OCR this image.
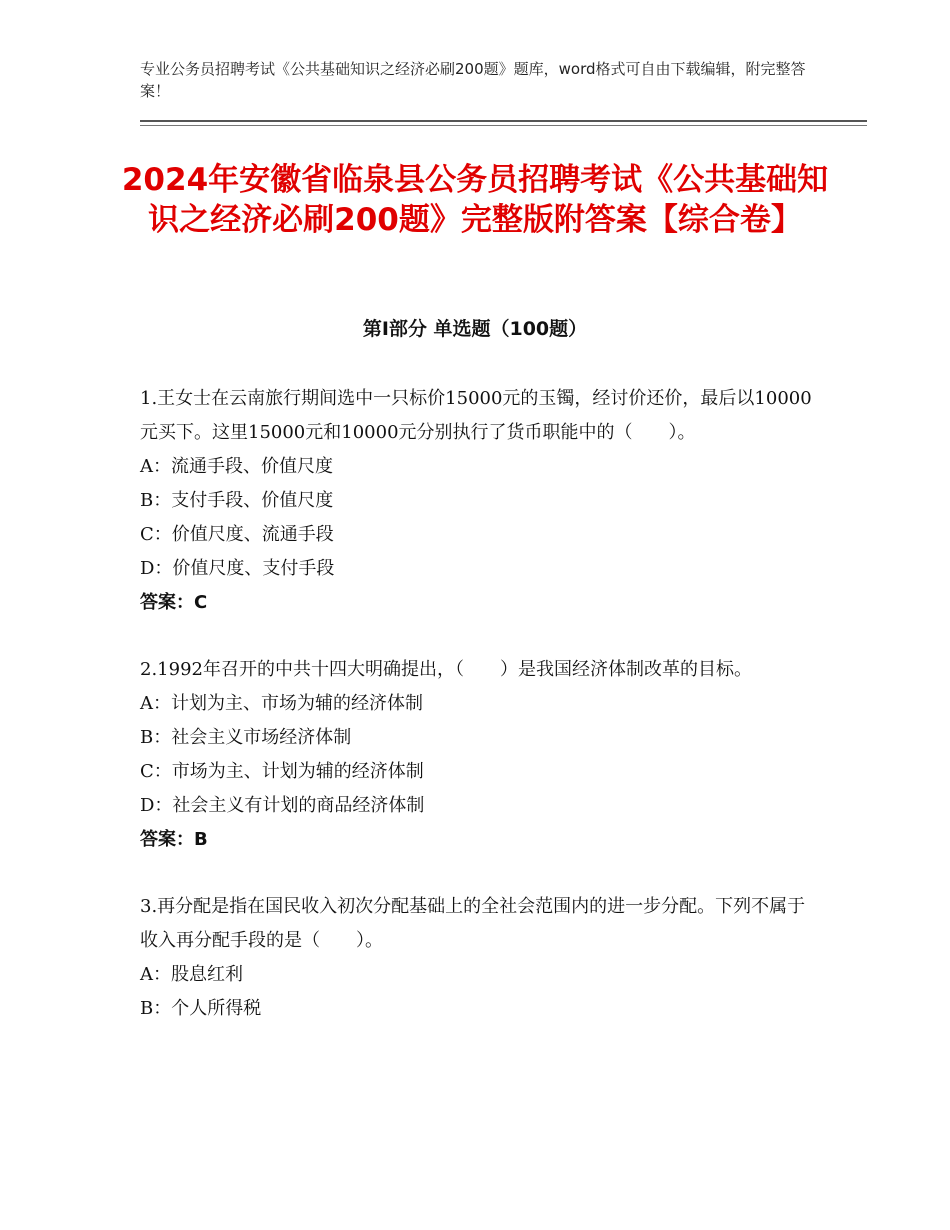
专业公务员招聘考试《公共基础知识之经济必刷200题》题库，word格式可自由下载编辑，附完整答案！
2024年安徽省临泉县公务员招聘考试《公共基础知识之经济必刷200题》完整版附答案【综合卷】
第Ⅰ部分 单选题（100题）

1.王女士在云南旅行期间选中一只标价15000元的玉镯，经讨价还价，最后以10000元买下。这里15000元和10000元分别执行了货币职能中的（　　）。

A：流通手段、价值尺度

B：支付手段、价值尺度

C：价值尺度、流通手段

D：价值尺度、支付手段

答案：C

2.1992年召开的中共十四大明确提出，（　　）是我国经济体制改革的目标。

A：计划为主、市场为辅的经济体制

B：社会主义市场经济体制

C：市场为主、计划为辅的经济体制

D：社会主义有计划的商品经济体制

答案：B

3.再分配是指在国民收入初次分配基础上的全社会范围内的进一步分配。下列不属于收入再分配手段的是（　　）。

A：股息红利

B：个人所得税
